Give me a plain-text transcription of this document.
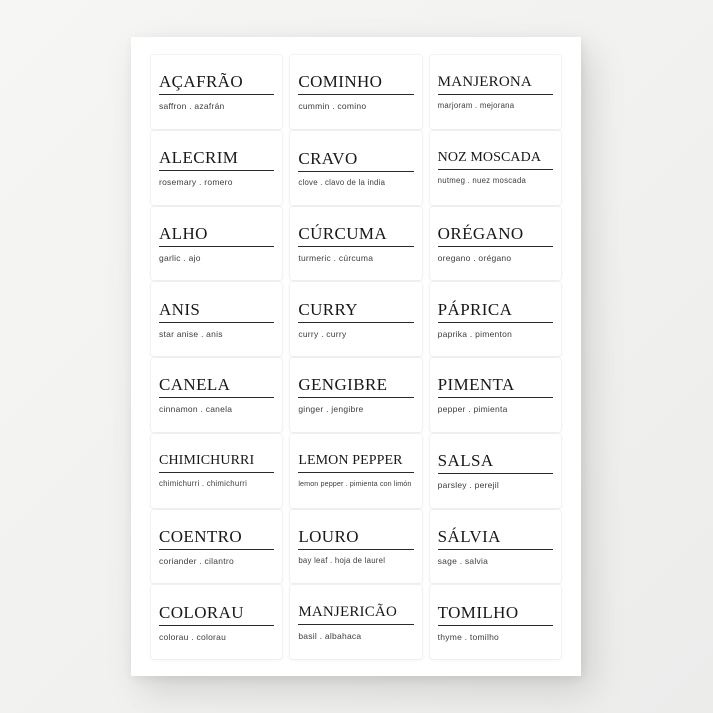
AÇAFRÃO
saffron . azafrán
COMINHO
cummin . comino
MANJERONA
marjoram . mejorana
ALECRIM
rosemary . romero
CRAVO
clove . clavo de la india
NOZ MOSCADA
nutmeg . nuez moscada
ALHO
garlic . ajo
CÚRCUMA
turmeric . cúrcuma
ORÉGANO
oregano . orégano
ANIS
star anise . anis
CURRY
curry . curry
PÁPRICA
paprika . pimenton
CANELA
cinnamon . canela
GENGIBRE
ginger . jengibre
PIMENTA
pepper . pimienta
CHIMICHURRI
chimichurri . chimichurri
LEMON PEPPER
lemon pepper . pimienta con limón
SALSA
parsley . perejil
COENTRO
coriander . cilantro
LOURO
bay leaf . hoja de laurel
SÁLVIA
sage . salvia
COLORAU
colorau . colorau
MANJERICÃO
basil . albahaca
TOMILHO
thyme . tomilho
